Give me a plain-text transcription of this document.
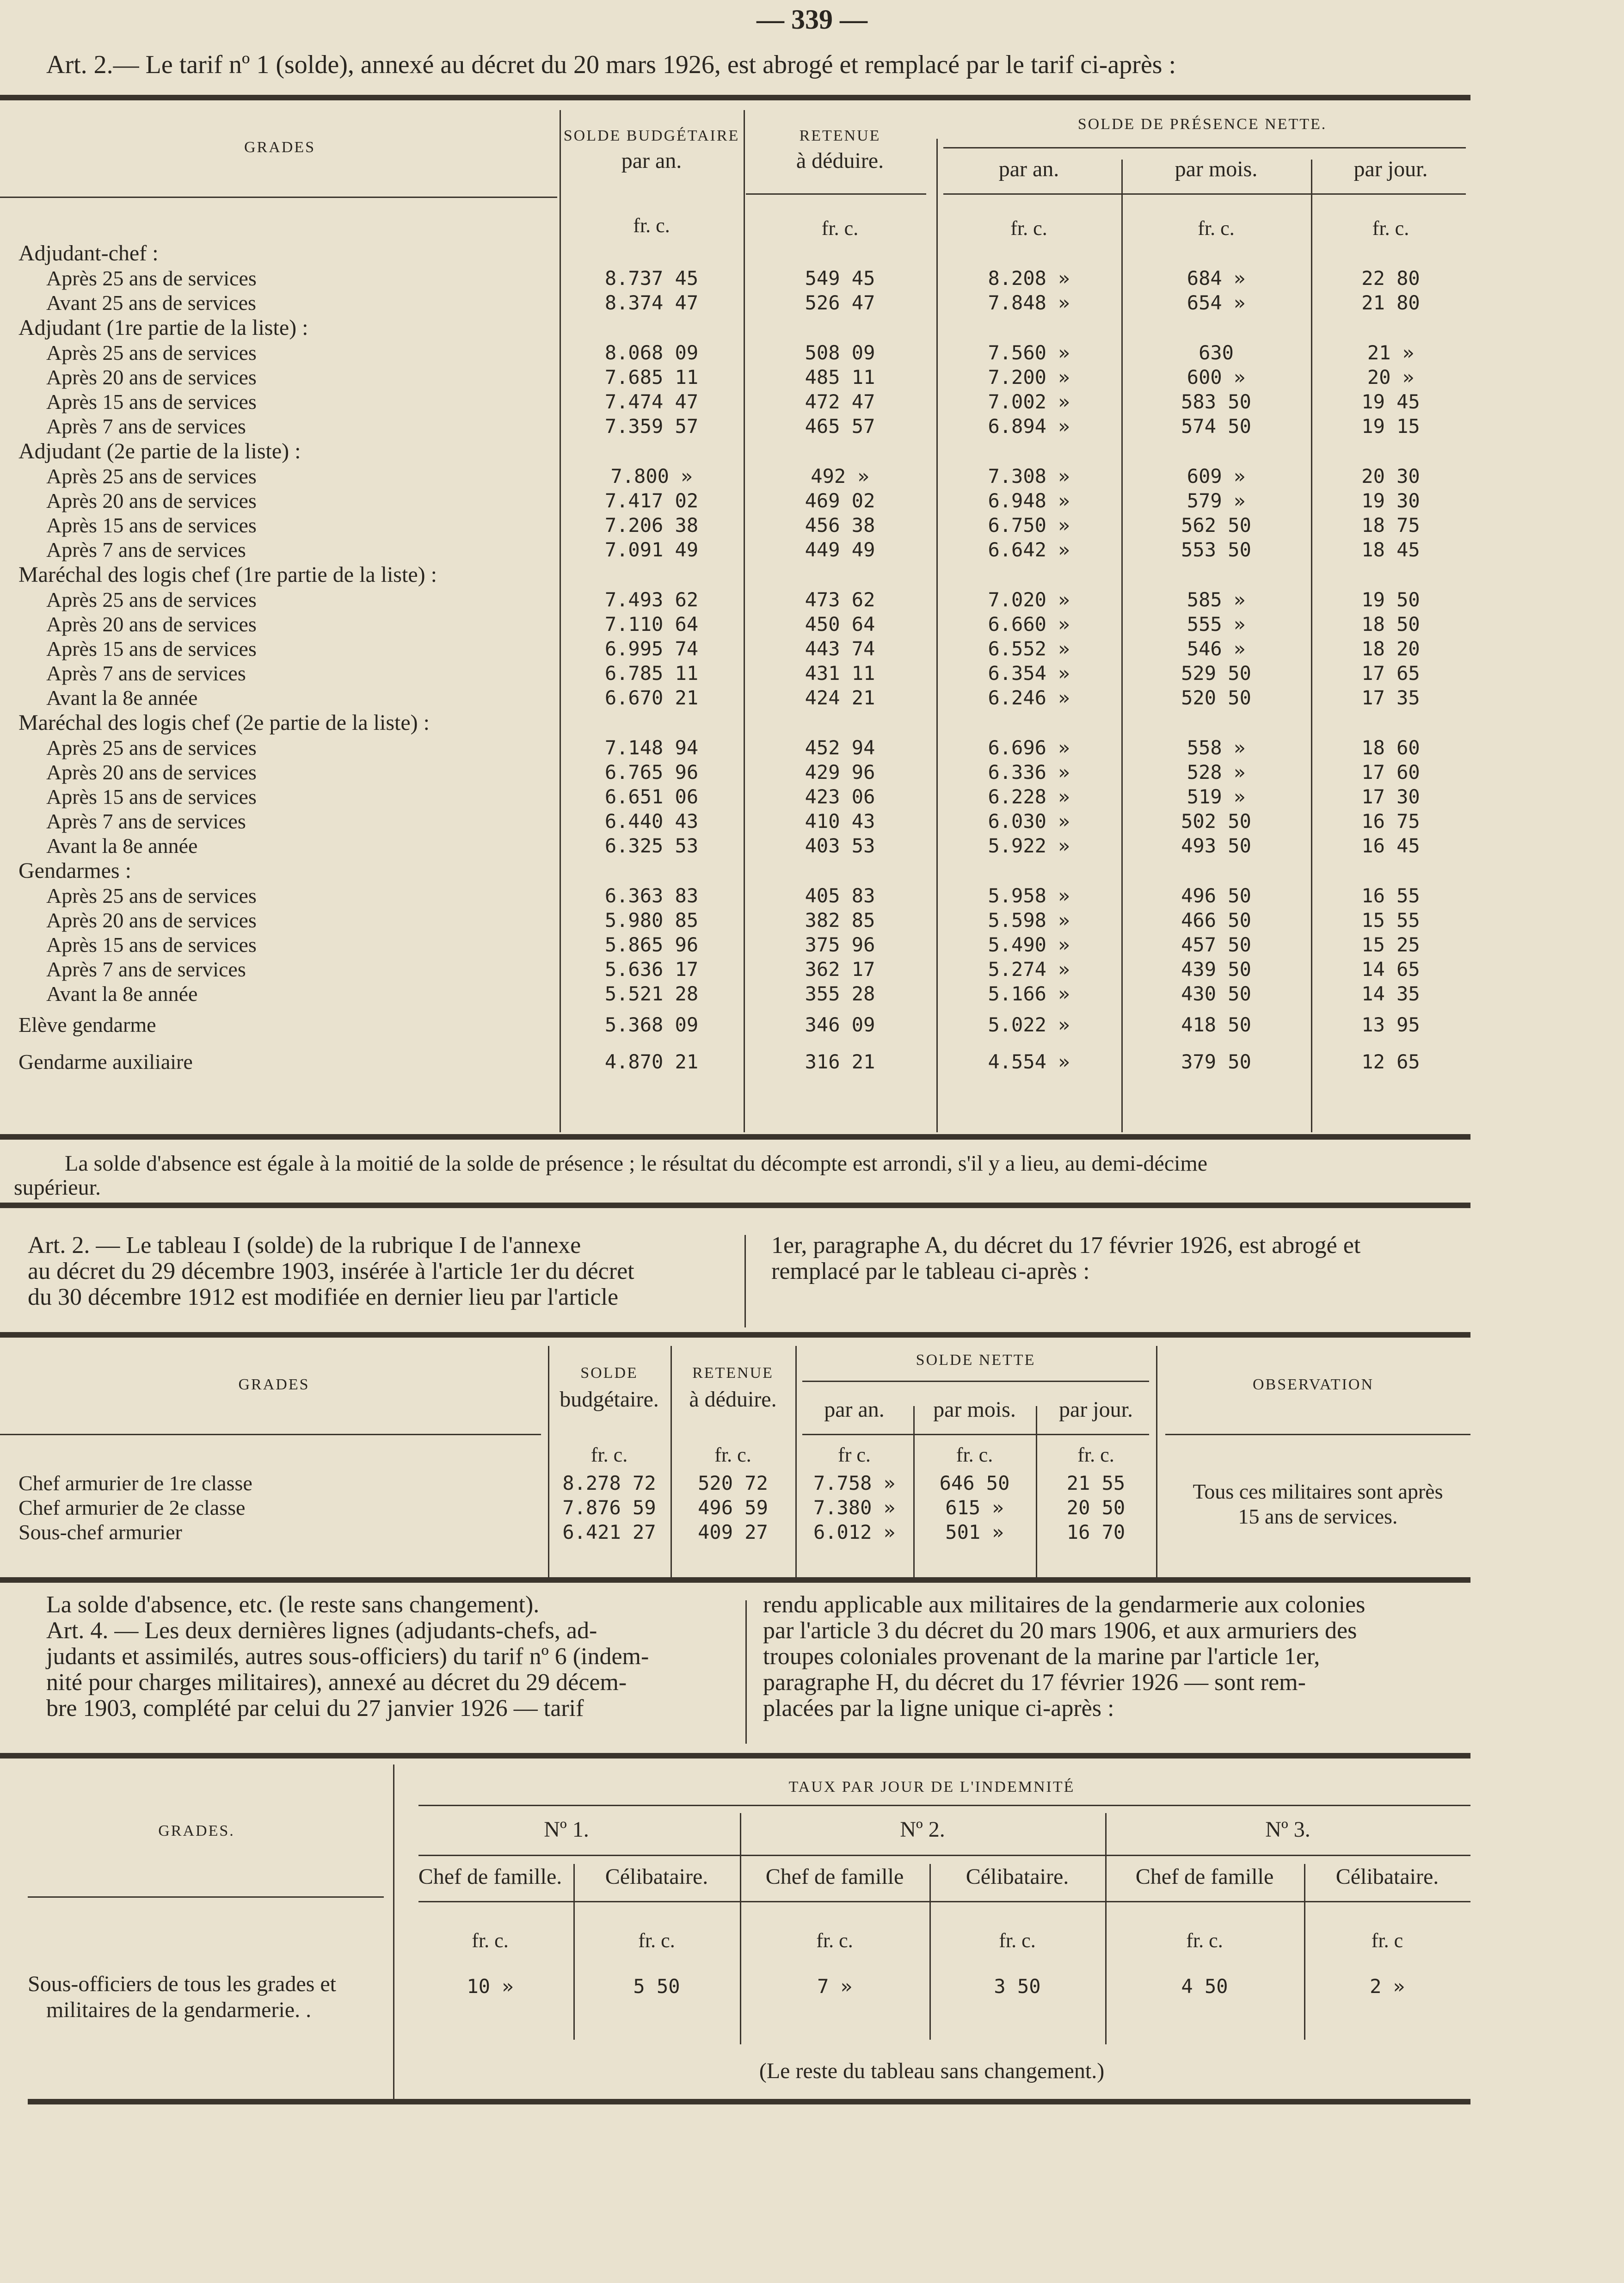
— 339 —
Art. 2.— Le tarif nº 1 (solde), annexé au décret du 20 mars 1926, est abrogé et remplacé par le tarif ci-après :
GRADES
SOLDE BUDGÉTAIRE
par an.
RETENUE
à déduire.
SOLDE DE PRÉSENCE NETTE.
par an.	par mois.	par jour.
fr. c.	fr. c.	fr. c.	fr. c.	fr. c.
Adjudant-chef :					
Après 25 ans de services	8.737 45	549 45	8.208 »	684 »	22 80
Avant 25 ans de services	8.374 47	526 47	7.848 »	654 »	21 80
Adjudant (1re partie de la liste) :					
Après 25 ans de services	8.068 09	508 09	7.560 »	630	21 »
Après 20 ans de services	7.685 11	485 11	7.200 »	600 »	20 »
Après 15 ans de services	7.474 47	472 47	7.002 »	583 50	19 45
Après 7 ans de services	7.359 57	465 57	6.894 »	574 50	19 15
Adjudant (2e partie de la liste) :					
Après 25 ans de services	7.800 »	492 »	7.308 »	609 »	20 30
Après 20 ans de services	7.417 02	469 02	6.948 »	579 »	19 30
Après 15 ans de services	7.206 38	456 38	6.750 »	562 50	18 75
Après 7 ans de services	7.091 49	449 49	6.642 »	553 50	18 45
Maréchal des logis chef (1re partie de la liste) :					
Après 25 ans de services	7.493 62	473 62	7.020 »	585 »	19 50
Après 20 ans de services	7.110 64	450 64	6.660 »	555 »	18 50
Après 15 ans de services	6.995 74	443 74	6.552 »	546 »	18 20
Après 7 ans de services	6.785 11	431 11	6.354 »	529 50	17 65
Avant la 8e année	6.670 21	424 21	6.246 »	520 50	17 35
Maréchal des logis chef (2e partie de la liste) :					
Après 25 ans de services	7.148 94	452 94	6.696 »	558 »	18 60
Après 20 ans de services	6.765 96	429 96	6.336 »	528 »	17 60
Après 15 ans de services	6.651 06	423 06	6.228 »	519 »	17 30
Après 7 ans de services	6.440 43	410 43	6.030 »	502 50	16 75
Avant la 8e année	6.325 53	403 53	5.922 »	493 50	16 45
Gendarmes :					
Après 25 ans de services	6.363 83	405 83	5.958 »	496 50	16 55
Après 20 ans de services	5.980 85	382 85	5.598 »	466 50	15 55
Après 15 ans de services	5.865 96	375 96	5.490 »	457 50	15 25
Après 7 ans de services	5.636 17	362 17	5.274 »	439 50	14 65
Avant la 8e année	5.521 28	355 28	5.166 »	430 50	14 35
Elève gendarme	5.368 09	346 09	5.022 »	418 50	13 95
Gendarme auxiliaire	4.870 21	316 21	4.554 »	379 50	12 65
La solde d'absence est égale à la moitié de la solde de présence ; le résultat du décompte est arrondi, s'il y a lieu, au demi-décime
supérieur.
Art. 2. — Le tableau I (solde) de la rubrique I de l'annexe
au décret du 29 décembre 1903, insérée à l'article 1er du décret
du 30 décembre 1912 est modifiée en dernier lieu par l'article
1er, paragraphe A, du décret du 17 février 1926, est abrogé et
remplacé par le tableau ci-après :
GRADES
SOLDE
budgétaire.
RETENUE
à déduire.
SOLDE NETTE
par an.	par mois.	par jour.
OBSERVATION
fr. c.	fr. c.	fr c.	fr. c.	fr. c.
Chef armurier de 1re classe	8.278 72	520 72	7.758 »	646 50	21 55
Chef armurier de 2e classe	7.876 59	496 59	7.380 »	615 »	20 50
Sous-chef armurier	6.421 27	409 27	6.012 »	501 »	16 70
Tous ces militaires sont après
15 ans de services.
La solde d'absence, etc. (le reste sans changement).
Art. 4. — Les deux dernières lignes (adjudants-chefs, ad-
judants et assimilés, autres sous-officiers) du tarif nº 6 (indem-
nité pour charges militaires), annexé au décret du 29 décem-
bre 1903, complété par celui du 27 janvier 1926 — tarif
rendu applicable aux militaires de la gendarmerie aux colonies
par l'article 3 du décret du 20 mars 1906, et aux armuriers des
troupes coloniales provenant de la marine par l'article 1er,
paragraphe H, du décret du 17 février 1926 — sont rem-
placées par la ligne unique ci-après :
GRADES.
TAUX PAR JOUR DE L'INDEMNITÉ
Nº 1.	Nº 2.	Nº 3.
Chef de famille.	Célibataire.	Chef de famille	Célibataire.	Chef de famille	Célibataire.
fr. c.	fr. c.	fr. c.	fr. c.	fr. c.	fr. c
Sous-officiers de tous les grades et
militaires de la gendarmerie. .
10 »	5 50	7 »	3 50	4 50	2 »
(Le reste du tableau sans changement.)
